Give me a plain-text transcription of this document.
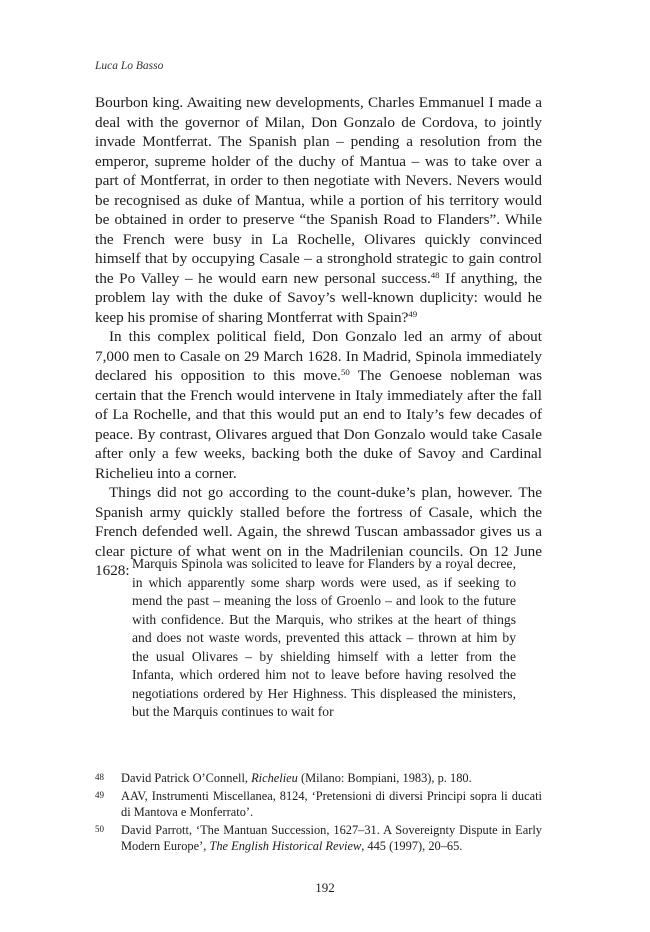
Luca Lo Basso

Bourbon king. Awaiting new developments, Charles Emmanuel I made a deal with the governor of Milan, Don Gonzalo de Cordova, to jointly invade Montferrat. The Spanish plan – pending a resolution from the emperor, supreme holder of the duchy of Mantua – was to take over a part of Montferrat, in order to then negotiate with Nevers. Nevers would be recognised as duke of Mantua, while a portion of his territory would be obtained in order to preserve “the Spanish Road to Flanders”. While the French were busy in La Rochelle, Olivares quickly convinced himself that by occupying Casale – a stronghold strategic to gain control the Po Valley – he would earn new personal success.$^{48}$ If anything, the problem lay with the duke of Savoy’s well-known duplicity: would he keep his promise of sharing Montferrat with Spain?$^{49}$

In this complex political field, Don Gonzalo led an army of about 7,000 men to Casale on 29 March 1628. In Madrid, Spinola immediately declared his opposition to this move.$^{50}$ The Genoese nobleman was certain that the French would intervene in Italy immediately after the fall of La Rochelle, and that this would put an end to Italy’s few decades of peace. By contrast, Olivares argued that Don Gonzalo would take Casale after only a few weeks, backing both the duke of Savoy and Cardinal Richelieu into a corner.

Things did not go according to the count-duke’s plan, however. The Spanish army quickly stalled before the fortress of Casale, which the French defended well. Again, the shrewd Tuscan ambassador gives us a clear picture of what went on in the Madrilenian councils. On 12 June 1628: Marquis Spinola was solicited to leave for Flanders by a royal decree, in which apparently some sharp words were used, as if seeking to mend the past – meaning the loss of Groenlo – and look to the future with confidence. But the Marquis, who strikes at the heart of things and does not waste words, prevented this attack – thrown at him by the usual Olivares – by shielding himself with a letter from the Infanta, which ordered him not to leave before having resolved the negotiations ordered by Her Highness. This displeased the ministers, but the Marquis continues to wait for

48	David Patrick O’Connell, Richelieu (Milano: Bompiani, 1983), p. 180.
49	AAV, Instrumenti Miscellanea, 8124, ‘Pretensioni di diversi Principi sopra li ducati di Mantova e Monferrato’.
50	David Parrott, ‘The Mantuan Succession, 1627–31. A Sovereignty Dispute in Early Modern Europe’, The English Historical Review, 445 (1997), 20–65.
192
